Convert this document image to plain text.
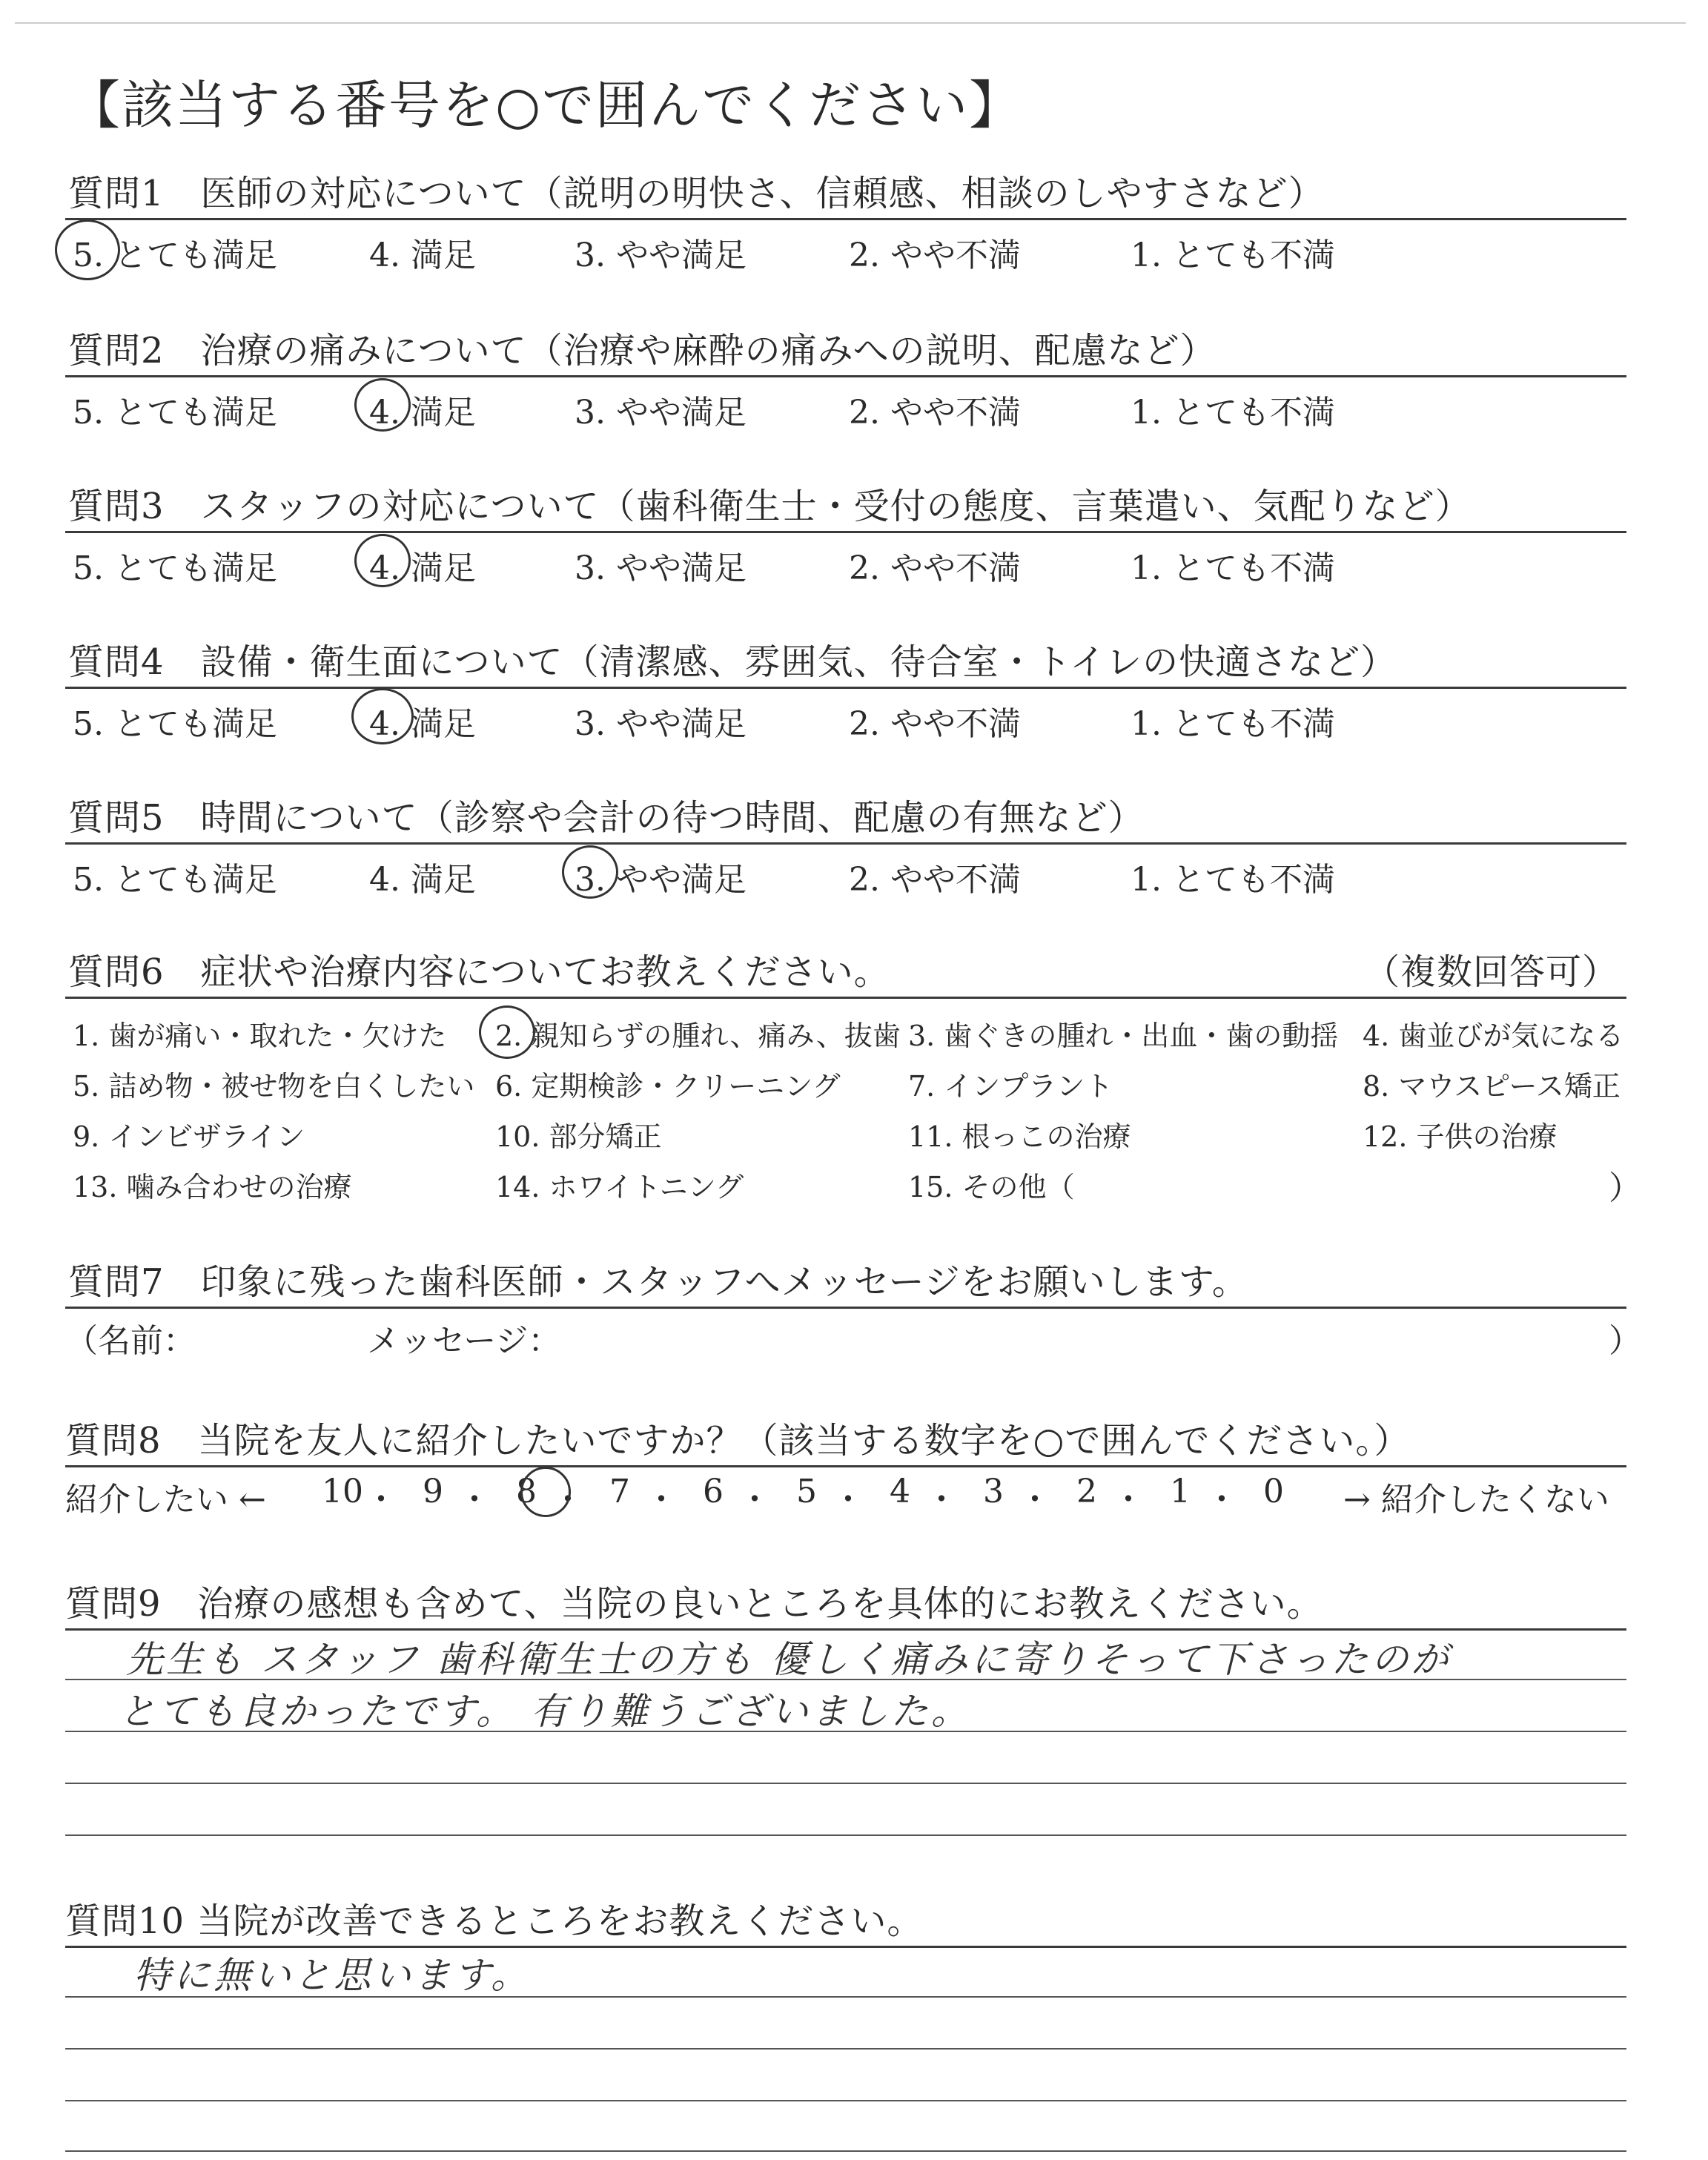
【該当する番号を○で囲んでください】
質問1　医師の対応について（説明の明快さ、信頼感、相談のしやすさなど）
5. とても満足	4. 満足	3. やや満足	2. やや不満	1. とても不満
質問2　治療の痛みについて（治療や麻酔の痛みへの説明、配慮など）
5. とても満足	4. 満足	3. やや満足	2. やや不満	1. とても不満
質問3　スタッフの対応について（歯科衛生士・受付の態度、言葉遣い、気配りなど）
5. とても満足	4. 満足	3. やや満足	2. やや不満	1. とても不満
質問4　設備・衛生面について（清潔感、雰囲気、待合室・トイレの快適さなど）
5. とても満足	4. 満足	3. やや満足	2. やや不満	1. とても不満
質問5　時間について（診察や会計の待つ時間、配慮の有無など）
5. とても満足	4. 満足	3. やや満足	2. やや不満	1. とても不満
質問6　症状や治療内容についてお教えください。	（複数回答可）
1. 歯が痛い・取れた・欠けた 2. 親知らずの腫れ、痛み、抜歯 3. 歯ぐきの腫れ・出血・歯の動揺 4. 歯並びが気になる
5. 詰め物・被せ物を白くしたい 6. 定期検診・クリーニング 7. インプラント	8. マウスピース矯正
9. インビザライン	10. 部分矯正	11. 根っこの治療	12. 子供の治療
13. 噛み合わせの治療	14. ホワイトニング	15. その他（	）
質問7　印象に残った歯科医師・スタッフへメッセージをお願いします。
（名前：	メッセージ：	）
質問8　当院を友人に紹介したいですか？（該当する数字を○で囲んでください。）
紹介したい ←	→ 紹介したくない
10 ・ 9 ・ 8 ・ 7 ・ 6 ・ 5 ・ 4 ・ 3 ・ 2 ・ 1 ・ 0
質問9　治療の感想も含めて、当院の良いところを具体的にお教えください。
先生も スタッフ 歯科衛生士の方も 優しく痛みに寄りそって下さったのが
とても良かったです。 有り難うございました。
質問10 当院が改善できるところをお教えください。
特に無いと思います。
